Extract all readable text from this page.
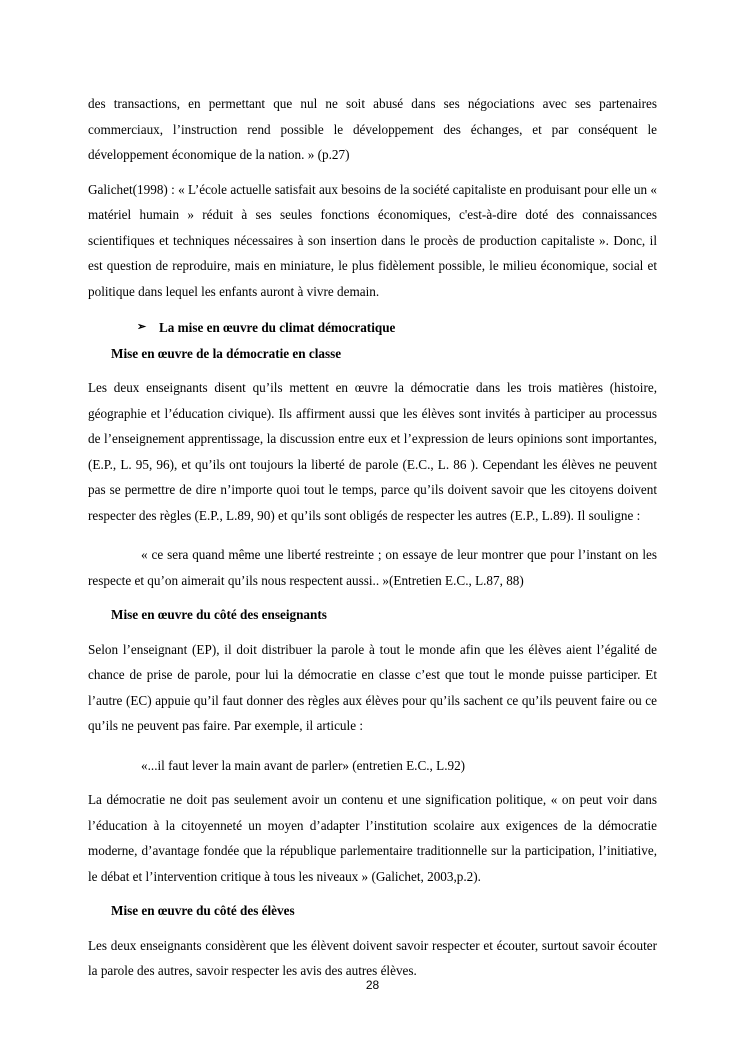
des transactions, en permettant que nul ne soit abusé dans ses négociations avec ses partenaires commerciaux, l’instruction rend possible le développement des échanges, et par conséquent le développement économique de la nation. » (p.27)

Galichet(1998) : « L’école actuelle satisfait aux besoins de la société capitaliste en produisant pour elle un « matériel humain » réduit à ses seules fonctions économiques, c'est-à-dire doté des connaissances scientifiques et techniques nécessaires à son insertion dans le procès de production capitaliste ». Donc, il est question de reproduire, mais en miniature, le plus fidèlement possible, le milieu économique, social et politique dans lequel les enfants auront à vivre demain.

➢ La mise en œuvre du climat démocratique
Mise en œuvre de la démocratie en classe

Les deux enseignants disent qu’ils mettent en œuvre la démocratie dans les trois matières (histoire, géographie et l’éducation civique). Ils affirment aussi que les élèves sont invités à participer au processus de l’enseignement apprentissage, la discussion entre eux et l’expression de leurs opinions sont importantes, (E.P., L. 95, 96), et qu’ils ont toujours la liberté de parole (E.C., L. 86 ). Cependant les élèves ne peuvent pas se permettre de dire n’importe quoi tout le temps, parce qu’ils doivent savoir que les citoyens doivent respecter des règles (E.P., L.89, 90) et qu’ils sont obligés de respecter les autres (E.P., L.89). Il souligne :

« ce sera quand même une liberté restreinte ; on essaye de leur montrer que pour l’instant on les respecte et qu’on aimerait qu’ils nous respectent aussi.. »(Entretien E.C., L.87, 88)

Mise en œuvre du côté des enseignants

Selon l’enseignant (EP), il doit distribuer la parole à tout le monde afin que les élèves aient l’égalité de chance de prise de parole, pour lui la démocratie en classe c’est que tout le monde puisse participer. Et l’autre (EC) appuie qu’il faut donner des règles aux élèves pour qu’ils sachent ce qu’ils peuvent faire ou ce qu’ils ne peuvent pas faire. Par exemple, il articule :

«...il faut lever la main avant de parler» (entretien E.C., L.92)

La démocratie ne doit pas seulement avoir un contenu et une signification politique, « on peut voir dans l’éducation à la citoyenneté un moyen d’adapter l’institution scolaire aux exigences de la démocratie moderne, d’avantage fondée que la république parlementaire traditionnelle sur la participation, l’initiative, le débat et l’intervention critique à tous les niveaux » (Galichet, 2003,p.2).

Mise en œuvre du côté des élèves

Les deux enseignants considèrent que les élèvent doivent savoir respecter et écouter, surtout savoir écouter la parole des autres, savoir respecter les avis des autres élèves.

28
